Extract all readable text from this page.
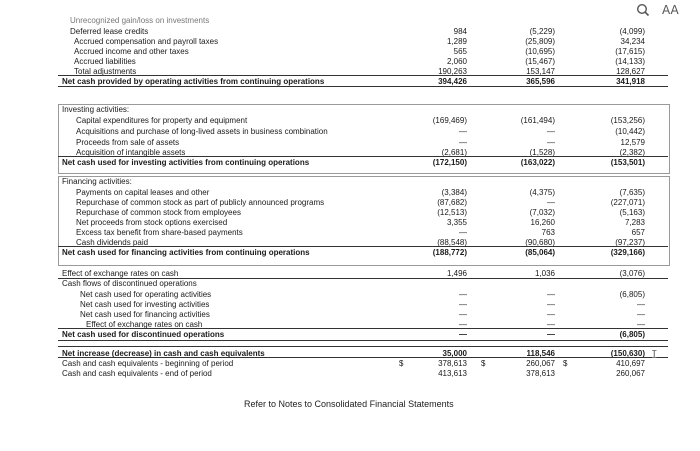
AA
Unrecognized gain/loss on investments
Deferred lease credits	984	(5,229)	(4,099)
Accrued compensation and payroll taxes	1,289	(25,809)	34,234
Accrued income and other taxes	565	(10,695)	(17,615)
Accrued liabilities	2,060	(15,467)	(14,133)
Total adjustments	190,263	153,147	128,627
Net cash provided by operating activities from continuing operations	394,426	365,596	341,918
Investing activities:
Capital expenditures for property and equipment	(169,469)	(161,494)	(153,256)
Acquisitions and purchase of long-lived assets in business combination	—	—	(10,442)
Proceeds from sale of assets	—	—	12,579
Acquisition of intangible assets	(2,681)	(1,528)	(2,382)
Net cash used for investing activities from continuing operations	(172,150)	(163,022)	(153,501)
Financing activities:
Payments on capital leases and other	(3,384)	(4,375)	(7,635)
Repurchase of common stock as part of publicly announced programs	(87,682)	—	(227,071)
Repurchase of common stock from employees	(12,513)	(7,032)	(5,163)
Net proceeds from stock options exercised	3,355	16,260	7,283
Excess tax benefit from share-based payments	—	763	657
Cash dividends paid	(88,548)	(90,680)	(97,237)
Net cash used for financing activities from continuing operations	(188,772)	(85,064)	(329,166)
Effect of exchange rates on cash	1,496	1,036	(3,076)
Cash flows of discontinued operations
Net cash used for operating activities	—	—	(6,805)
Net cash used for investing activities	—	—	—
Net cash used for financing activities	—	—	—
Effect of exchange rates on cash	—	—	—
Net cash used for discontinued operations	—	—	(6,805)
Net increase (decrease) in cash and cash equivalents	35,000	118,546	(150,630)
Cash and cash equivalents - beginning of period	378,613	260,067	410,697
Cash and cash equivalents - end of period	413,613	378,613	260,067
$	$	$
Refer to Notes to Consolidated Financial Statements
I
